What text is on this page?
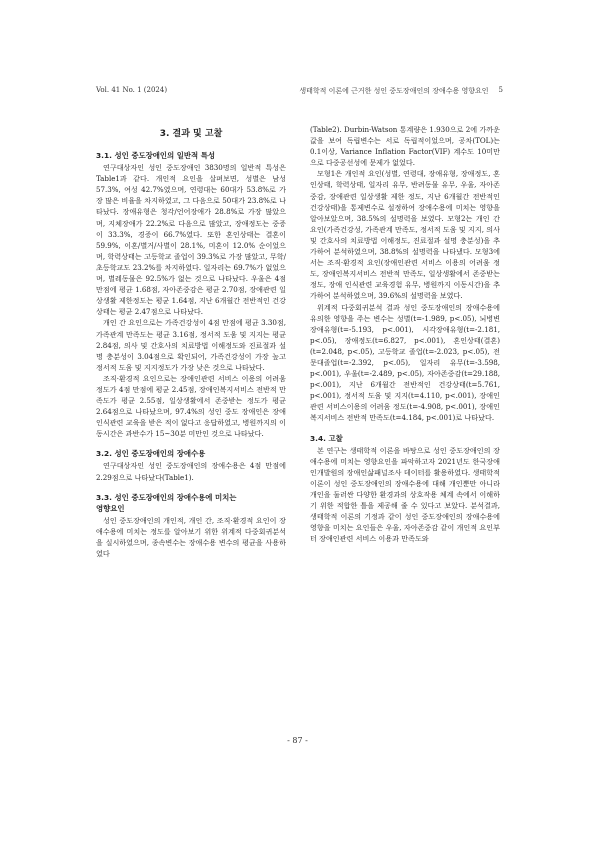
Vol. 41 No. 1 (2024)	생태학적 이론에 근거한 성인 중도장애인의 장애수용 영향요인 5
3. 결과 및 고찰
3.1. 성인 중도장애인의 일반적 특성

연구대상자인 성인 중도장애인 3830명의 일반적 특성은 Table1과 같다. 개인적 요인을 살펴보면, 성별은 남성 57.3%, 여성 42.7%였으며, 연령대는 60대가 53.8%로 가장 많은 비율을 차지하였고, 그 다음으로 50대가 23.8%로 나타났다. 장애유형은 청각/언어장애가 28.8%로 가장 많았으며, 지체장애가 22.2%로 다음으로 많았고, 장애정도는 중증이 33.3%, 경증이 66.7%였다. 또한 혼인상태는 결혼이 59.9%, 이혼/별거/사별이 28.1%, 미혼이 12.0% 순이었으며, 학력상태는 고등학교 졸업이 39.3%로 가장 많았고, 무학/초등학교도 23.2%를 차지하였다. 일자리는 69.7%가 없었으며, 별레동물은 92.5%가 없는 것으로 나타났다. 우울은 4점 만점에 평균 1.68점, 자아존중감은 평균 2.70점, 장애관련 일상생활 제한정도는 평균 1.64점, 지난 6개월간 전반적인 건강상태는 평균 2.47점으로 나타났다.

개인 간 요인으로는 가족건강성이 4점 만점에 평균 3.30점, 가족관계 만족도는 평균 3.16점, 정서적 도움 및 지지는 평균 2.84점, 의사 및 간호사의 치료방법 이해정도와 진료절과 설명 충분성이 3.04점으로 확인되어, 가족건강성이 가장 높고 정서적 도움 및 지지정도가 가장 낮은 것으로 나타났다.

조직·환경적 요인으로는 장애인관련 서비스 이용의 어려움 정도가 4점 만점에 평균 2.45점, 장애인복지서비스 전반적 만족도가 평균 2.55점, 일상생활에서 존중받는 정도가 평균 2.64점으로 나타났으며, 97.4%의 성인 중도 장애인은 장애 인식관련 교육을 받은 적이 없다고 응답하였고, 병원까지의 이동시간은 과반수가 15~30분 미만인 것으로 나타났다.

3.2. 성인 중도장애인의 장애수용

연구대상자인 성인 중도장애인의 장애수용은 4점 만점에 2.29점으로 나타났다(Table1).

3.3. 성인 중도장애인의 장애수용에 미치는
영향요인

성인 중도장애인의 개인적, 개인 간, 조직·환경적 요인이 장애수용에 미치는 정도를 알아보기 위한 위계적 다중회귀분석을 실시하였으며, 종속변수는 장애수용 변수의 평균을 사용하였다

(Table2). Durbin-Watson 통계량은 1.930으로 2에 가까운 값을 보여 독립변수는 서로 독립적이었으며, 공차(TOL)는 0.1이상, Variance Inflation Factor(VIF) 계수도 10미만으로 다중공선성에 문제가 없었다.

모형1은 개인적 요인(성별, 연령대, 장애유형, 장애정도, 혼인상태, 학력상태, 일자리 유무, 반려동물 유무, 우울, 자아존중감, 장애관련 일상생활 제한 정도, 지난 6개월간 전반적인 건강상태)을 통제변수로 설정하여 장애수용에 미치는 영향을 알아보았으며, 38.5%의 설명력을 보였다. 모형2는 개인 간 요인(가족건강성, 가족관계 만족도, 정서적 도움 및 지지, 의사 및 간호사의 치료방법 이해정도, 진료절과 설명 충분성)을 추가하여 분석하였으며, 38.8%의 설명력을 나타냈다. 모형3에서는 조직·환경적 요인(장애인관련 서비스 이용의 어려움 정도, 장애인복지서비스 전반적 만족도, 일상생활에서 존중받는 정도, 장애 인식관련 교육경험 유무, 병원까지 이동시간)을 추가하여 분석하였으며, 39.6%의 설명력을 보였다.

위계적 다중회귀분석 결과 성인 중도장애인의 장애수용에 유의한 영향을 주는 변수는 성별(t=-1.989, p<.05), 뇌병변장애유형(t=-5.193, p<.001), 시각장애유형(t=-2.181, p<.05), 장애정도(t=6.827, p<.001), 혼인상태(결혼)(t=2.048, p<.05), 고등학교 졸업(t=-2.023, p<.05), 전문대졸업(t=-2.392, p<.05), 일자리 유무(t=-3.598, p<.001), 우울(t=-2.489, p<.05), 자아존중감(t=29.188, p<.001), 지난 6개월간 전반적인 건강상태(t=5.761, p<.001), 정서적 도움 및 지지(t=4.110, p<.001), 장애인관련 서비스이용의 어려움 정도(t=-4.908, p<.001), 장애인복지서비스 전반적 만족도(t=4.184, p<.001)로 나타났다.

3.4. 고찰

본 연구는 생태학적 이론을 바탕으로 성인 중도장애인의 장애수용에 미치는 영향요인을 파악하고자 2021년도 한국장애인개발원의 장애인삶패널조사 데이터를 활용하였다. 생태학적 이론이 성인 중도장애인의 장애수용에 대해 개인뿐만 아니라 개인을 둘러싼 다양한 환경과의 상호작용 체계 속에서 이해하기 위한 적합한 틀을 제공해 줄 수 있다고 보았다. 분석결과, 생태학적 이론의 기정과 같이 성인 중도장애인의 장애수용에 영향을 미치는 요인들은 우울, 자아존중감 같이 개인적 요인부터 장애인관련 서비스 이용과 만족도와

- 87 -
